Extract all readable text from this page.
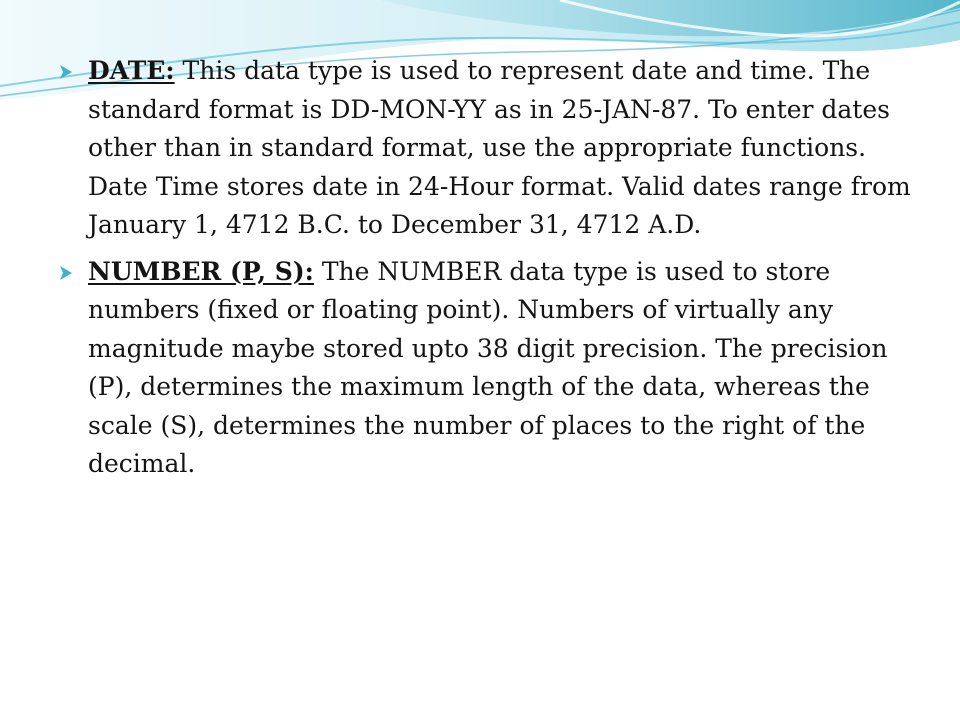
DATE: This data type is used to represent date and time. The standard format is DD-MON-YY as in 25-JAN-87. To enter dates other than in standard format, use the appropriate functions. Date Time stores date in 24-Hour format. Valid dates range from January 1, 4712 B.C. to December 31, 4712 A.D.
NUMBER (P, S): The NUMBER data type is used to store numbers (fixed or floating point). Numbers of virtually any magnitude maybe stored upto 38 digit precision. The precision (P), determines the maximum length of the data, whereas the scale (S), determines the number of places to the right of the decimal.
